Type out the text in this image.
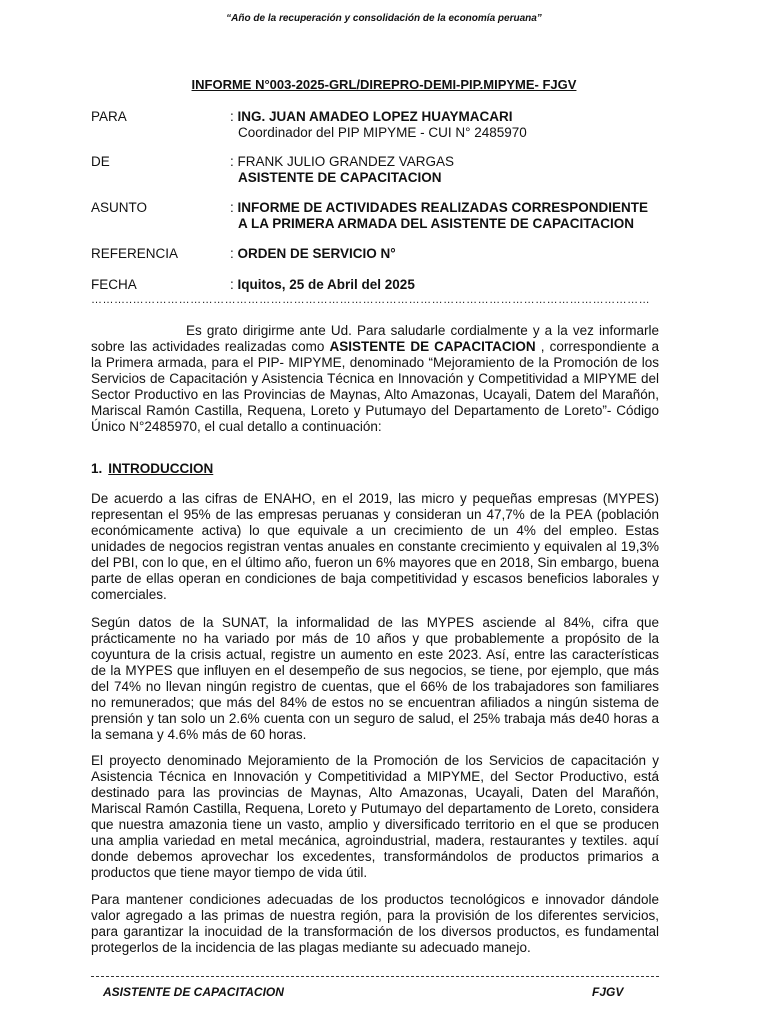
“Año de la recuperación y consolidación de la economía peruana”
INFORME N°003-2025-GRL/DIREPRO-DEMI-PIP.MIPYME- FJGV
PARA	: ING. JUAN AMADEO LOPEZ HUAYMACARI
Coordinador del PIP MIPYME - CUI N° 2485970
DE	: FRANK JULIO GRANDEZ VARGAS
ASISTENTE DE CAPACITACION
ASUNTO	: INFORME DE ACTIVIDADES REALIZADAS CORRESPONDIENTE
A LA PRIMERA ARMADA DEL ASISTENTE DE CAPACITACION
REFERENCIA	: ORDEN DE SERVICIO N°
FECHA	: Iquitos, 25 de Abril del 2025
………..………………………………………………………………………………………………………………………
Es grato dirigirme ante Ud. Para saludarle cordialmente y a la vez informarle sobre las actividades realizadas como ASISTENTE DE CAPACITACION , correspondiente a la Primera armada, para el PIP- MIPYME, denominado “Mejoramiento de la Promoción de los Servicios de Capacitación y Asistencia Técnica en Innovación y Competitividad a MIPYME del Sector Productivo en las Provincias de Maynas, Alto Amazonas, Ucayali, Datem del Marañón, Mariscal Ramón Castilla, Requena, Loreto y Putumayo del Departamento de Loreto”- Código Único N°2485970, el cual detallo a continuación:
1. INTRODUCCION
De acuerdo a las cifras de ENAHO, en el 2019, las micro y pequeñas empresas (MYPES) representan el 95% de las empresas peruanas y consideran un 47,7% de la PEA (población económicamente activa) lo que equivale a un crecimiento de un 4% del empleo. Estas unidades de negocios registran ventas anuales en constante crecimiento y equivalen al 19,3% del PBI, con lo que, en el último año, fueron un 6% mayores que en 2018, Sin embargo, buena parte de ellas operan en condiciones de baja competitividad y escasos beneficios laborales y comerciales.
Según datos de la SUNAT, la informalidad de las MYPES asciende al 84%, cifra que prácticamente no ha variado por más de 10 años y que probablemente a propósito de la coyuntura de la crisis actual, registre un aumento en este 2023. Así, entre las características de la MYPES que influyen en el desempeño de sus negocios, se tiene, por ejemplo, que más del 74% no llevan ningún registro de cuentas, que el 66% de los trabajadores son familiares no remunerados; que más del 84% de estos no se encuentran afiliados a ningún sistema de prensión y tan solo un 2.6% cuenta con un seguro de salud, el 25% trabaja más de40 horas a la semana y 4.6% más de 60 horas.
El proyecto denominado Mejoramiento de la Promoción de los Servicios de capacitación y Asistencia Técnica en Innovación y Competitividad a MIPYME, del Sector Productivo, está destinado para las provincias de Maynas, Alto Amazonas, Ucayali, Daten del Marañón, Mariscal Ramón Castilla, Requena, Loreto y Putumayo del departamento de Loreto, considera que nuestra amazonia tiene un vasto, amplio y diversificado territorio en el que se producen una amplia variedad en metal mecánica, agroindustrial, madera, restaurantes y textiles. aquí donde debemos aprovechar los excedentes, transformándolos de productos primarios a productos que tiene mayor tiempo de vida útil.
Para mantener condiciones adecuadas de los productos tecnológicos e innovador dándole valor agregado a las primas de nuestra región, para la provisión de los diferentes servicios, para garantizar la inocuidad de la transformación de los diversos productos, es fundamental protegerlos de la incidencia de las plagas mediante su adecuado manejo.
ASISTENTE DE CAPACITACION	FJGV
